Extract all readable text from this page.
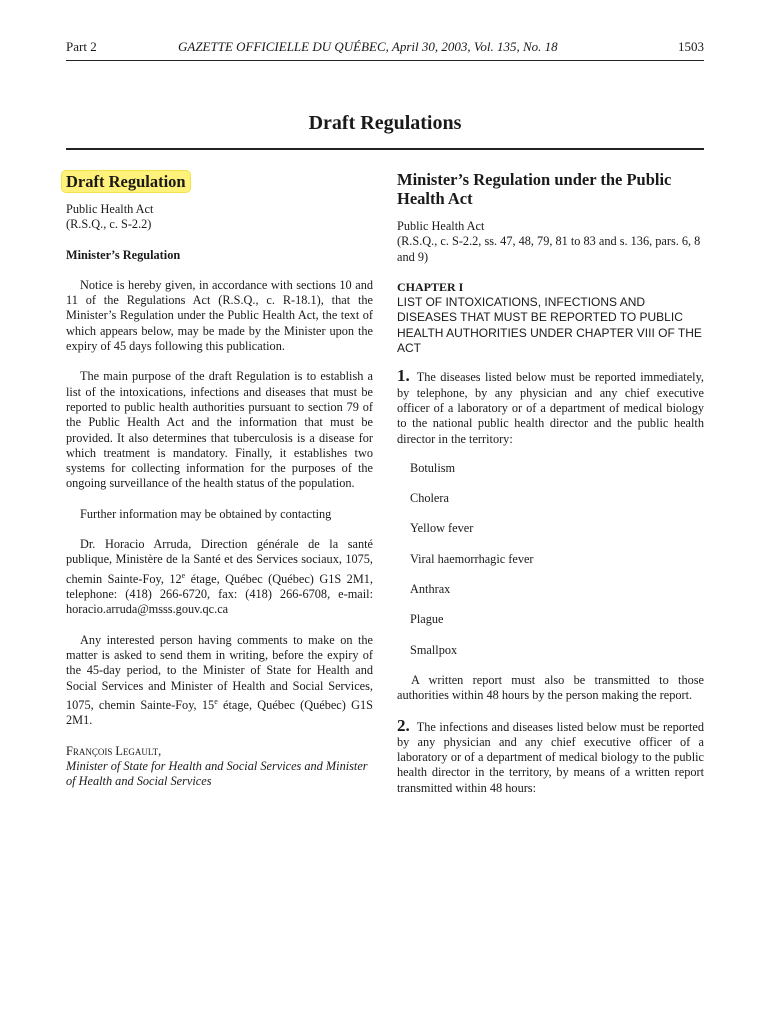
Part 2	GAZETTE OFFICIELLE DU QUÉBEC, April 30, 2003, Vol. 135, No. 18	1503
Draft Regulations
Draft Regulation

Public Health Act

(R.S.Q., c. S-2.2)

Minister’s Regulation

Notice is hereby given, in accordance with sections 10 and 11 of the Regulations Act (R.S.Q., c. R-18.1), that the Minister’s Regulation under the Public Health Act, the text of which appears below, may be made by the Minister upon the expiry of 45 days following this publication.

The main purpose of the draft Regulation is to establish a list of the intoxications, infections and diseases that must be reported to public health authorities pursuant to section 79 of the Public Health Act and the information that must be provided. It also determines that tuberculosis is a disease for which treatment is mandatory. Finally, it establishes two systems for collecting information for the purposes of the ongoing surveillance of the health status of the population.

Further information may be obtained by contacting

Dr. Horacio Arruda, Direction générale de la santé publique, Ministère de la Santé et des Services sociaux, 1075, chemin Sainte-Foy, 12e étage, Québec (Québec) G1S 2M1, telephone: (418) 266-6720, fax: (418) 266-6708, e-mail: horacio.arruda@msss.gouv.qc.ca

Any interested person having comments to make on the matter is asked to send them in writing, before the expiry of the 45-day period, to the Minister of State for Health and Social Services and Minister of Health and Social Services, 1075, chemin Sainte-Foy, 15e étage, Québec (Québec) G1S 2M1.

François Legault,

Minister of State for Health and Social Services and Minister of Health and Social Services

Minister’s Regulation under the Public Health Act

Public Health Act

(R.S.Q., c. S-2.2, ss. 47, 48, 79, 81 to 83 and s. 136, pars. 6, 8 and 9)

CHAPTER I
LIST OF INTOXICATIONS, INFECTIONS AND DISEASES THAT MUST BE REPORTED TO PUBLIC HEALTH AUTHORITIES UNDER CHAPTER VIII OF THE ACT

1. The diseases listed below must be reported immediately, by telephone, by any physician and any chief executive officer of a laboratory or of a department of medical biology to the national public health director and the public health director in the territory:

Botulism

Cholera

Yellow fever

Viral haemorrhagic fever

Anthrax

Plague

Smallpox

A written report must also be transmitted to those authorities within 48 hours by the person making the report.

2. The infections and diseases listed below must be reported by any physician and any chief executive officer of a laboratory or of a department of medical biology to the public health director in the territory, by means of a written report transmitted within 48 hours:
